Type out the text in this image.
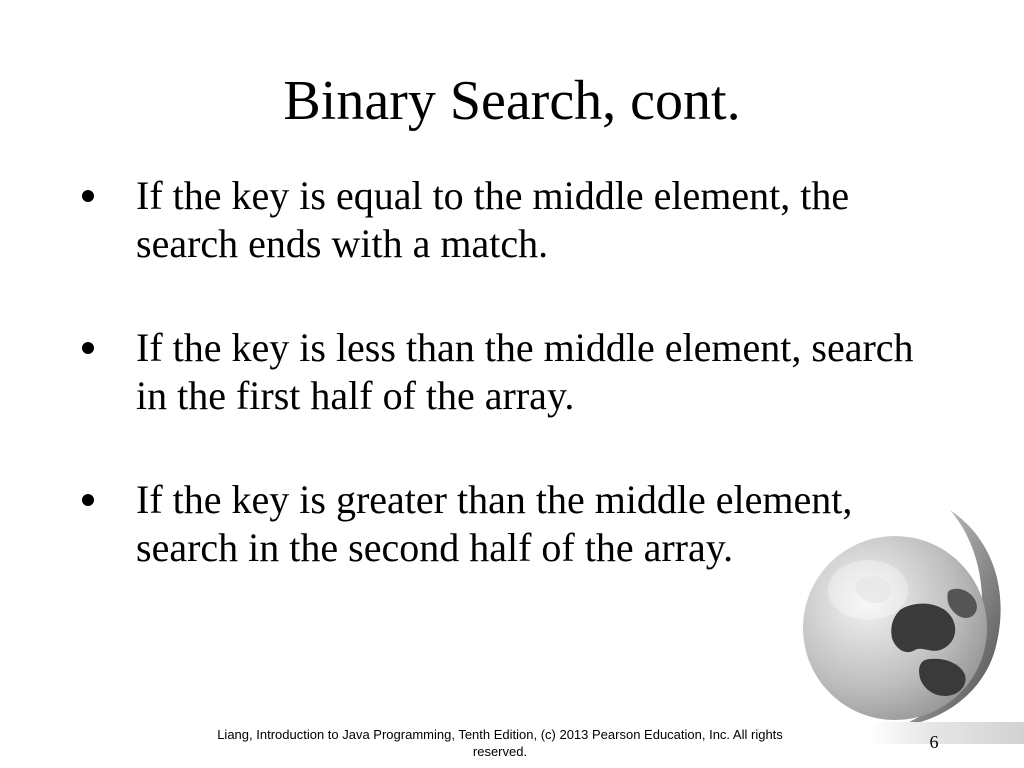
Binary Search, cont.
If the key is equal to the middle element, the search ends with a match.
If the key is less than the middle element, search in the first half of the array.
If the key is greater than the middle element, search in the second half of the array.
Liang, Introduction to Java Programming, Tenth Edition, (c) 2013 Pearson Education, Inc. All rights reserved.	6
